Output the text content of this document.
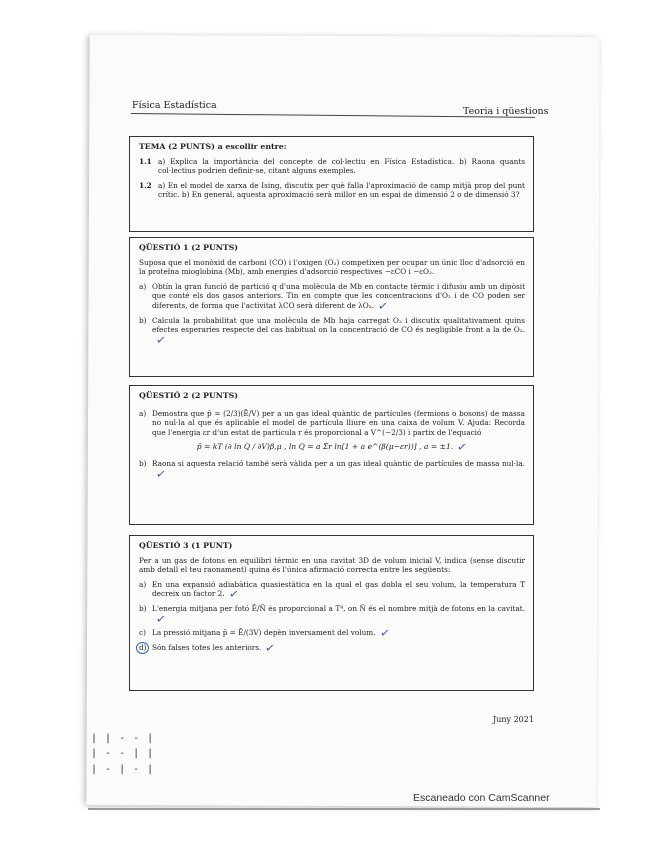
Física Estadística
Teoria i qüestions
TEMA (2 PUNTS) a escollir entre:
1.1 a) Explica la importància del concepte de col·lectiu en Física Estadística. b) Raona quants col·lectius podrien definir-se, citant alguns exemples.
1.2 a) En el model de xarxa de Ising, discutix per què falla l'aproximació de camp mitjà prop del punt crític. b) En general, aquesta aproximació serà millor en un espai de dimensió 2 o de dimensió 3?
QÜESTIÓ 1 (2 PUNTS)
Suposa que el monòxid de carboni (CO) i l'oxigen (O₂) competixen per ocupar un únic lloc d'adsorció en la proteïna mioglobina (Mb), amb energies d'adsorció respectives −εCO i −εO₂.
a) Obtín la gran funció de partició q d'una molècula de Mb en contacte tèrmic i difusiu amb un dipòsit que conté els dos gasos anteriors. Tin en compte que les concentracions d'O₂ i de CO poden ser diferents, de forma que l'activitat λCO serà diferent de λO₂. ✓
b) Calcula la probabilitat que una molècula de Mb haja carregat O₂ i discutix qualitativament quins efectes esperaries respecte del cas habitual on la concentració de CO és negligible front a la de O₂.✓
QÜESTIÓ 2 (2 PUNTS)
a) Demostra que p̄ = (2/3)(Ē/V) per a un gas ideal quàntic de partícules (fermions o bosons) de massa no nul·la al que és aplicable el model de partícula lliure en una caixa de volum V. Ajuda: Recorda que l'energia εr d'un estat de partícula r és proporcional a V^(−2/3) i partix de l'equació
p̄ = kT (∂ ln Q / ∂V)β,μ , ln Q = a Σr ln[1 + a e^(β(μ−εr))] , a = ±1. ✓
b) Raona si aquesta relació també serà vàlida per a un gas ideal quàntic de partícules de massa nul·la.✓
QÜESTIÓ 3 (1 PUNT)
Per a un gas de fotons en equilibri tèrmic en una cavitat 3D de volum inicial V, indica (sense discutir amb detall el teu raonament) quina és l'única afirmació correcta entre les següents:
a) En una expansió adiabàtica quasiestàtica en la qual el gas dobla el seu volum, la temperatura T decreix un factor 2. ✓
b) L'energia mitjana per fotó Ē/N̄ és proporcional a T⁴, on N̄ és el nombre mitjà de fotons en la cavitat.✓
c) La pressió mitjana p̄ = Ē/(3V) depèn inversament del volum. ✓
d) Són falses totes les anteriors. ✓
Juny 2021
| | - - |
| - - | |
| - | - |
Escaneado con CamScanner
